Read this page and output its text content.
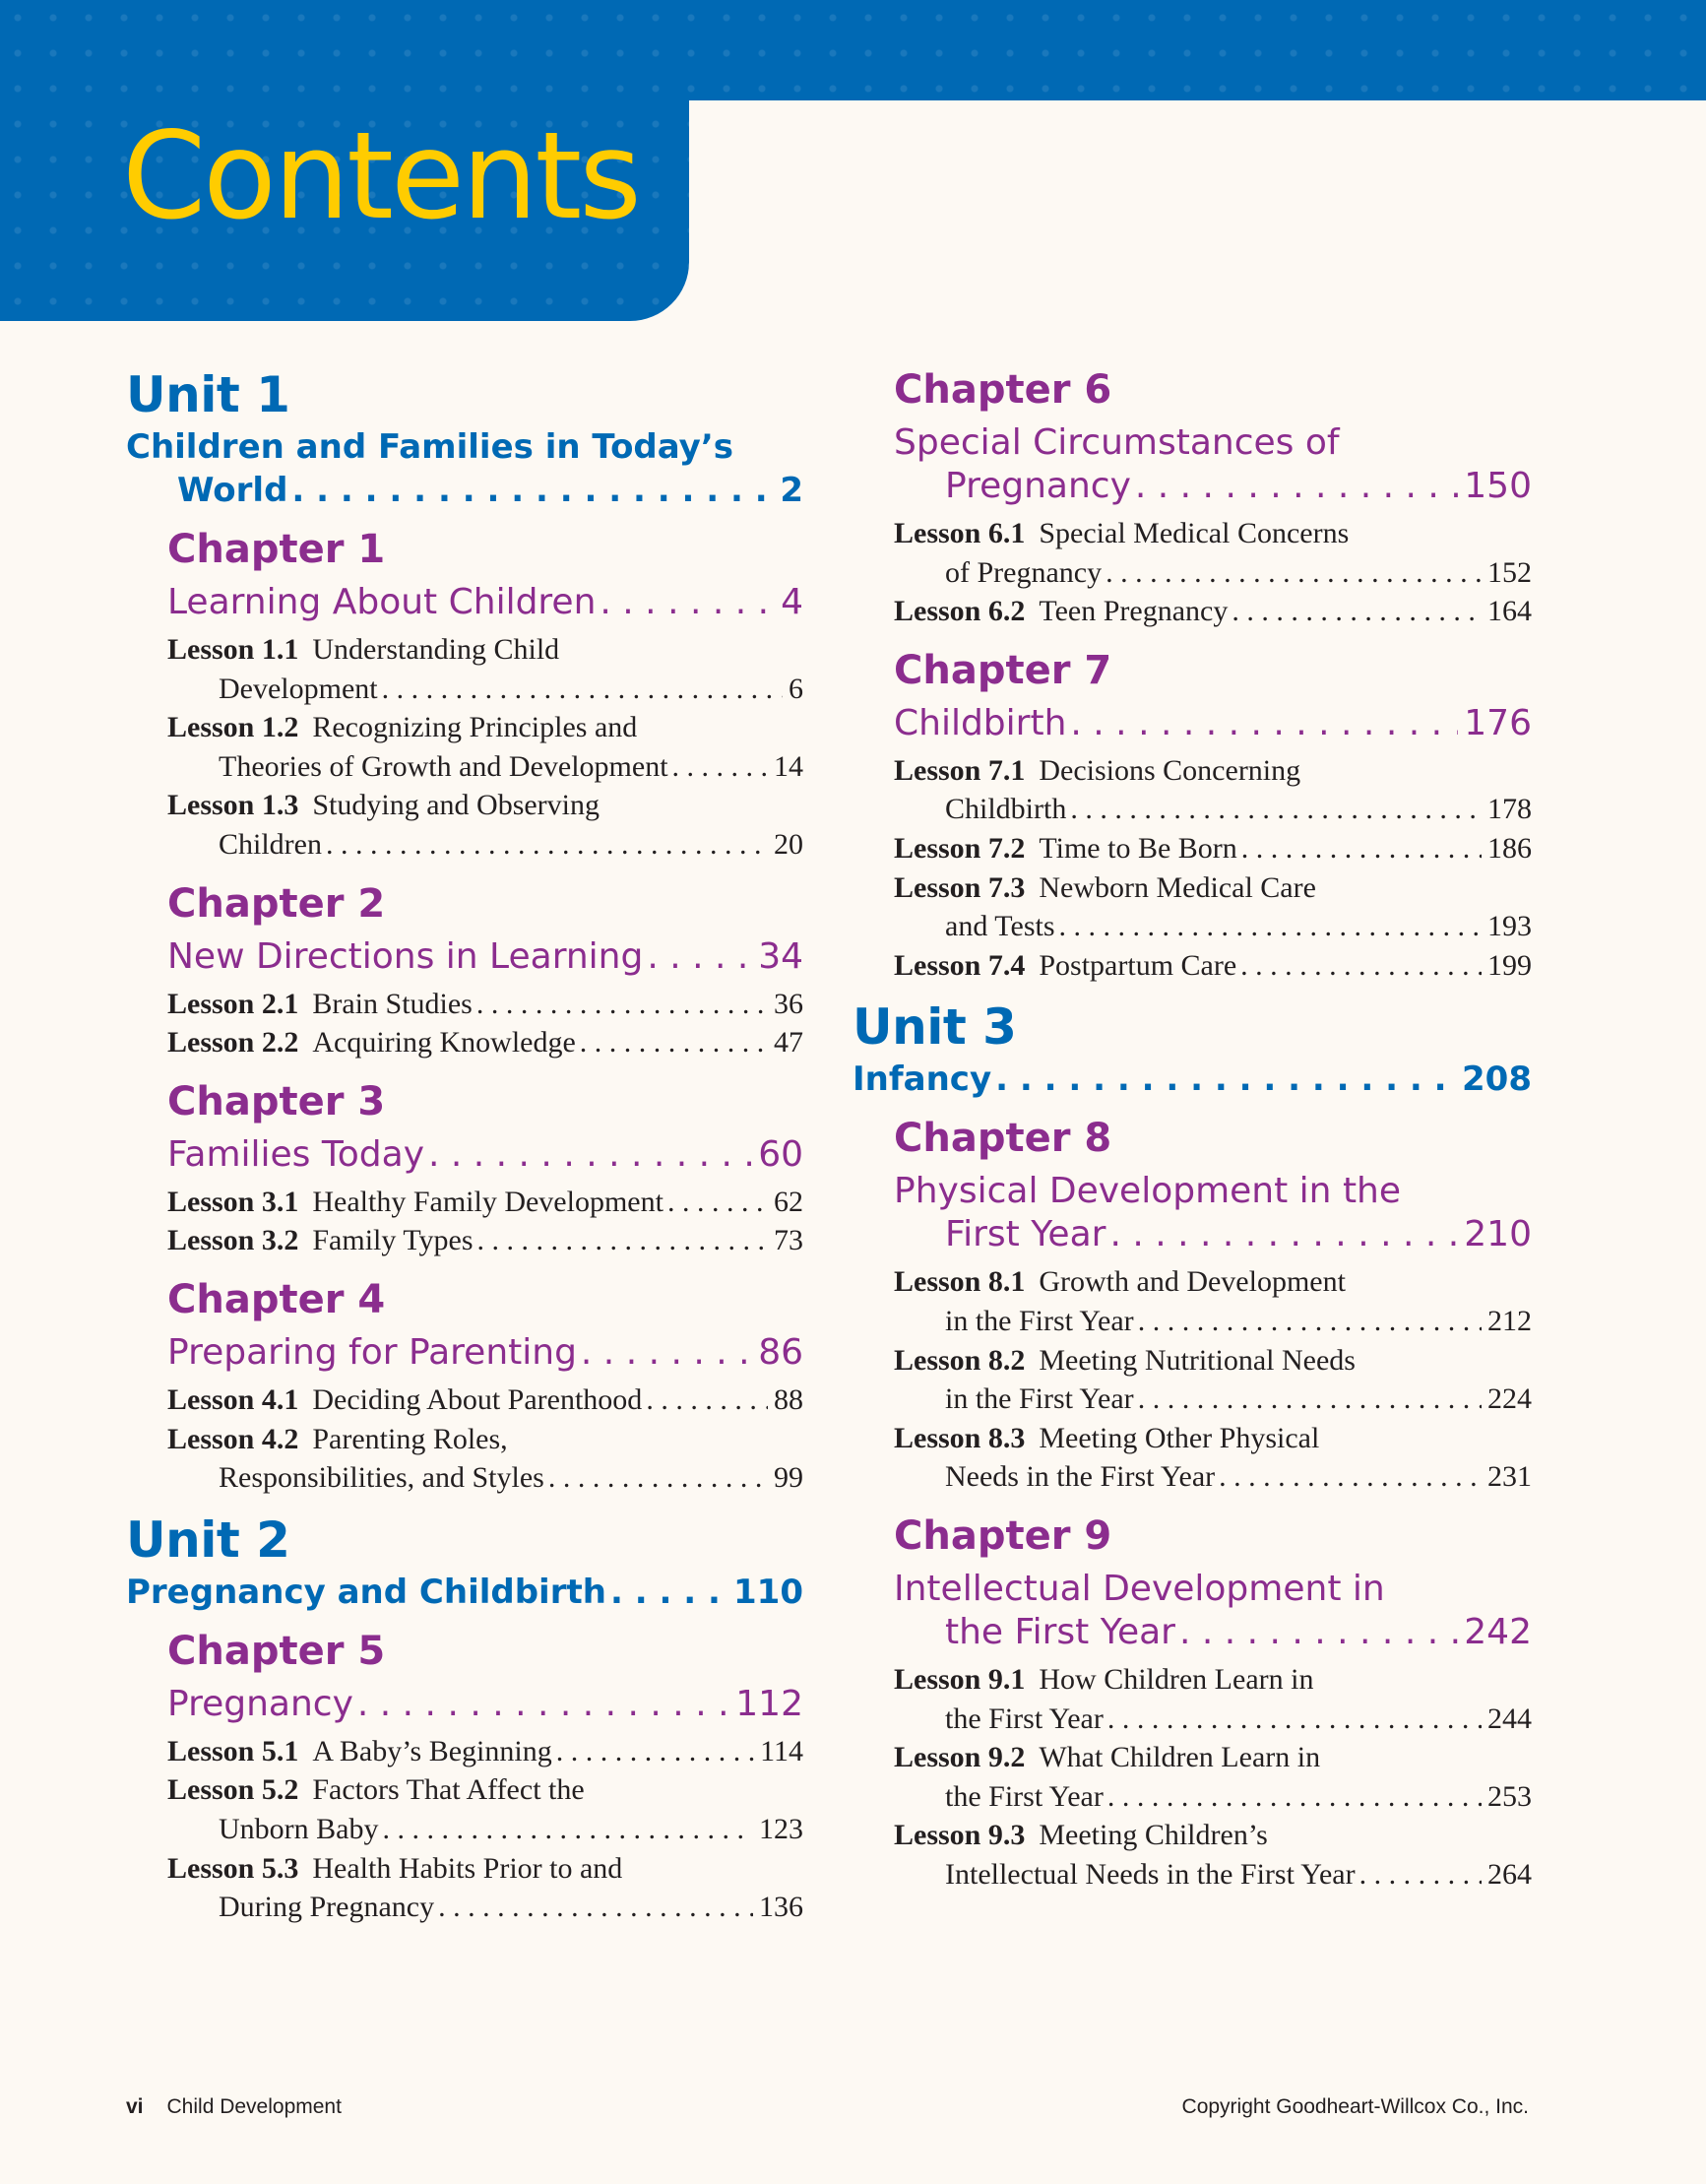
Contents
Unit 1
Children and Families in Today’s
World . . .	2
Chapter 1
Learning About Children . . .	4
Lesson 1.1 Understanding Child
Development . . .	6
Lesson 1.2 Recognizing Principles and
Theories of Growth and Development . . .	14
Lesson 1.3 Studying and Observing
Children . . .	20
Chapter 2
New Directions in Learning . . .	34
Lesson 2.1 Brain Studies . . .	36
Lesson 2.2 Acquiring Knowledge . . .	47
Chapter 3
Families Today . . .	60
Lesson 3.1 Healthy Family Development . . .	62
Lesson 3.2 Family Types . . .	73
Chapter 4
Preparing for Parenting . . .	86
Lesson 4.1 Deciding About Parenthood . . .	88
Lesson 4.2 Parenting Roles,
Responsibilities, and Styles . . .	99
Unit 2
Pregnancy and Childbirth . . .	110
Chapter 5
Pregnancy . . .	112
Lesson 5.1 A Baby’s Beginning . . .	114
Lesson 5.2 Factors That Affect the
Unborn Baby . . .	123
Lesson 5.3 Health Habits Prior to and
During Pregnancy . . .	136
Chapter 6
Special Circumstances of
Pregnancy . . .	150
Lesson 6.1 Special Medical Concerns
of Pregnancy . . .	152
Lesson 6.2 Teen Pregnancy . . .	164
Chapter 7
Childbirth . . .	176
Lesson 7.1 Decisions Concerning
Childbirth . . .	178
Lesson 7.2 Time to Be Born . . .	186
Lesson 7.3 Newborn Medical Care
and Tests . . .	193
Lesson 7.4 Postpartum Care . . .	199
Unit 3
Infancy . . .	208
Chapter 8
Physical Development in the
First Year . . .	210
Lesson 8.1 Growth and Development
in the First Year . . .	212
Lesson 8.2 Meeting Nutritional Needs
in the First Year . . .	224
Lesson 8.3 Meeting Other Physical
Needs in the First Year . . .	231
Chapter 9
Intellectual Development in
the First Year . . .	242
Lesson 9.1 How Children Learn in
the First Year . . .	244
Lesson 9.2 What Children Learn in
the First Year . . .	253
Lesson 9.3 Meeting Children’s
Intellectual Needs in the First Year . . .	264
vi Child Development	Copyright Goodheart-Willcox Co., Inc.
